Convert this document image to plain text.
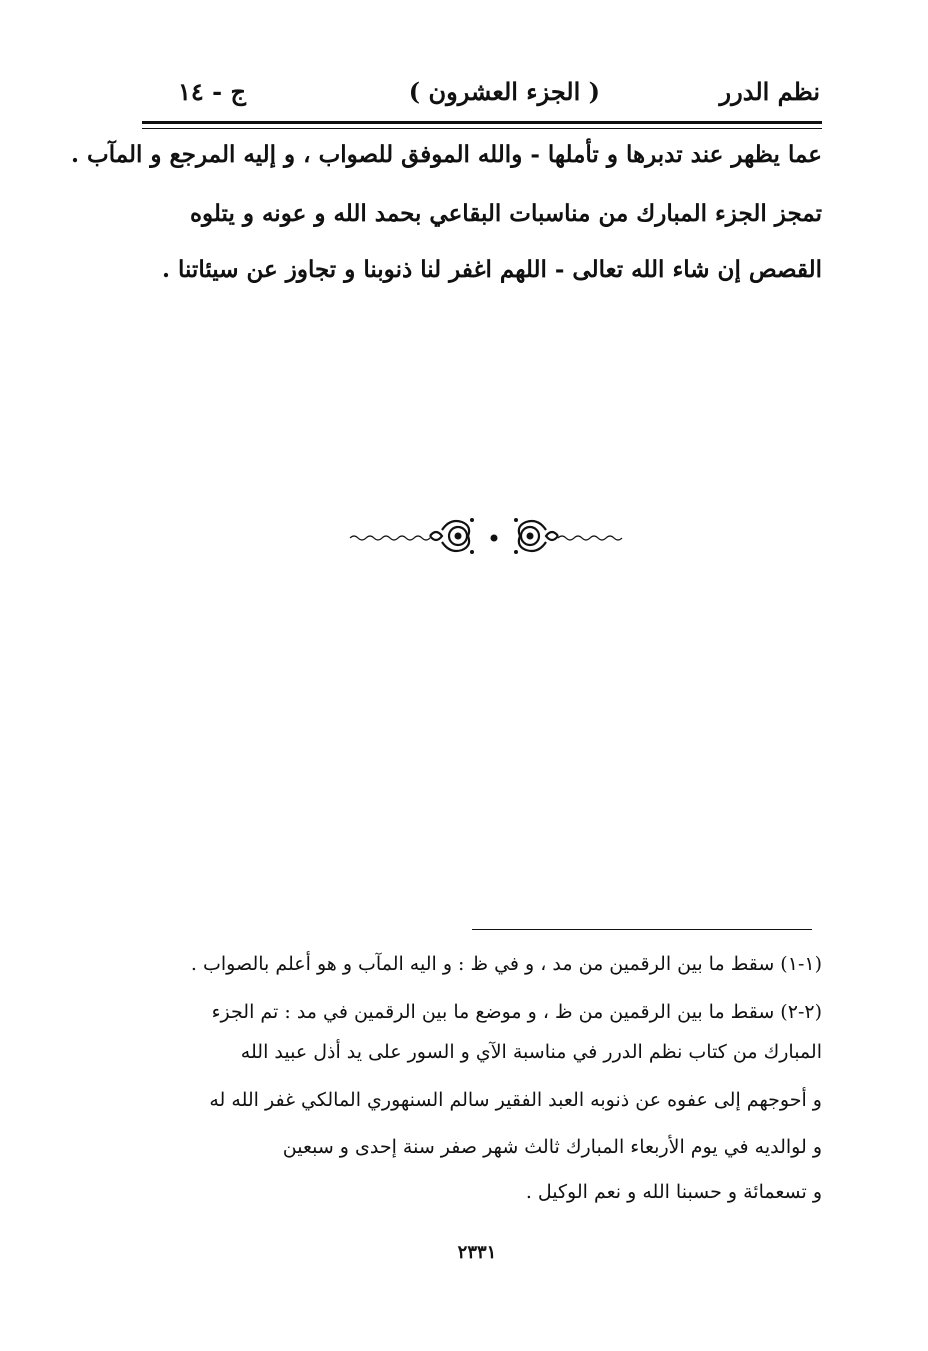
نظم الدرر
( الجزء العشرون )
ج - ١٤
عما يظهر عند تدبرها و تأملها - والله الموفق للصواب ، و إليه المرجع و المآب .
تمجز الجزء المبارك من مناسبات البقاعي بحمد الله و عونه و يتلوه
القصص إن شاء الله تعالى - اللهم اغفر لنا ذنوبنا و تجاوز عن سيئاتنا .
(١-١) سقط ما بين الرقمين من مد ، و في ظ : و اليه المآب و هو أعلم بالصواب .
(٢-٢) سقط ما بين الرقمين من ظ ، و موضع ما بين الرقمين في مد : تم الجزء
المبارك من كتاب نظم الدرر في مناسبة الآي و السور على يد أذل عبيد الله
و أحوجهم إلى عفوه عن ذنوبه العبد الفقير سالم السنهوري المالكي غفر الله له
و لوالديه في يوم الأربعاء المبارك ثالث شهر صفر سنة إحدى و سبعين
و تسعمائة و حسبنا الله و نعم الوكيل .
٢٣٣١
